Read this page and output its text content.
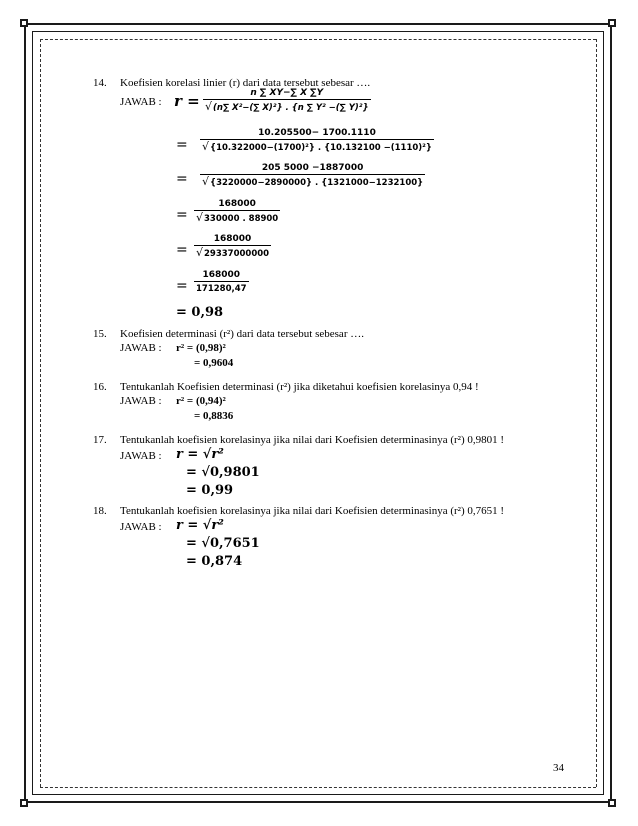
14. Koefisien korelasi linier (r) dari data tersebut sebesar ….
JAWAB : r = n ∑ XY−∑ X ∑Y
√ (n∑ X²−(∑ X)²} . {n ∑ Y² −(∑ Y)²}
= 10.205500− 1700.1110
√ {10.322000−(1700)²} . {10.132100 −(1110)²}
= 205 5000 −1887000
√ {3220000−2890000} . {1321000−1232100}
= 168000
√ 330000 . 88900
= 168000
√ 29337000000
= $\frac{168000}{171280,47}$
= 0,98
15. Koefisien determinasi (r²) dari data tersebut sebesar ….
JAWAB : r² = (0,98)²
= 0,9604
16. Tentukanlah Koefisien determinasi (r²) jika diketahui koefisien korelasinya 0,94 !
JAWAB : r² = (0,94)²
= 0,8836
17. Tentukanlah koefisien korelasinya jika nilai dari Koefisien determinasinya (r²) 0,9801 !
JAWAB : r = √r²
= √0,9801
= 0,99
18. Tentukanlah koefisien korelasinya jika nilai dari Koefisien determinasinya (r²) 0,7651 !
JAWAB : r = √r²
= √0,7651
= 0,874
34
